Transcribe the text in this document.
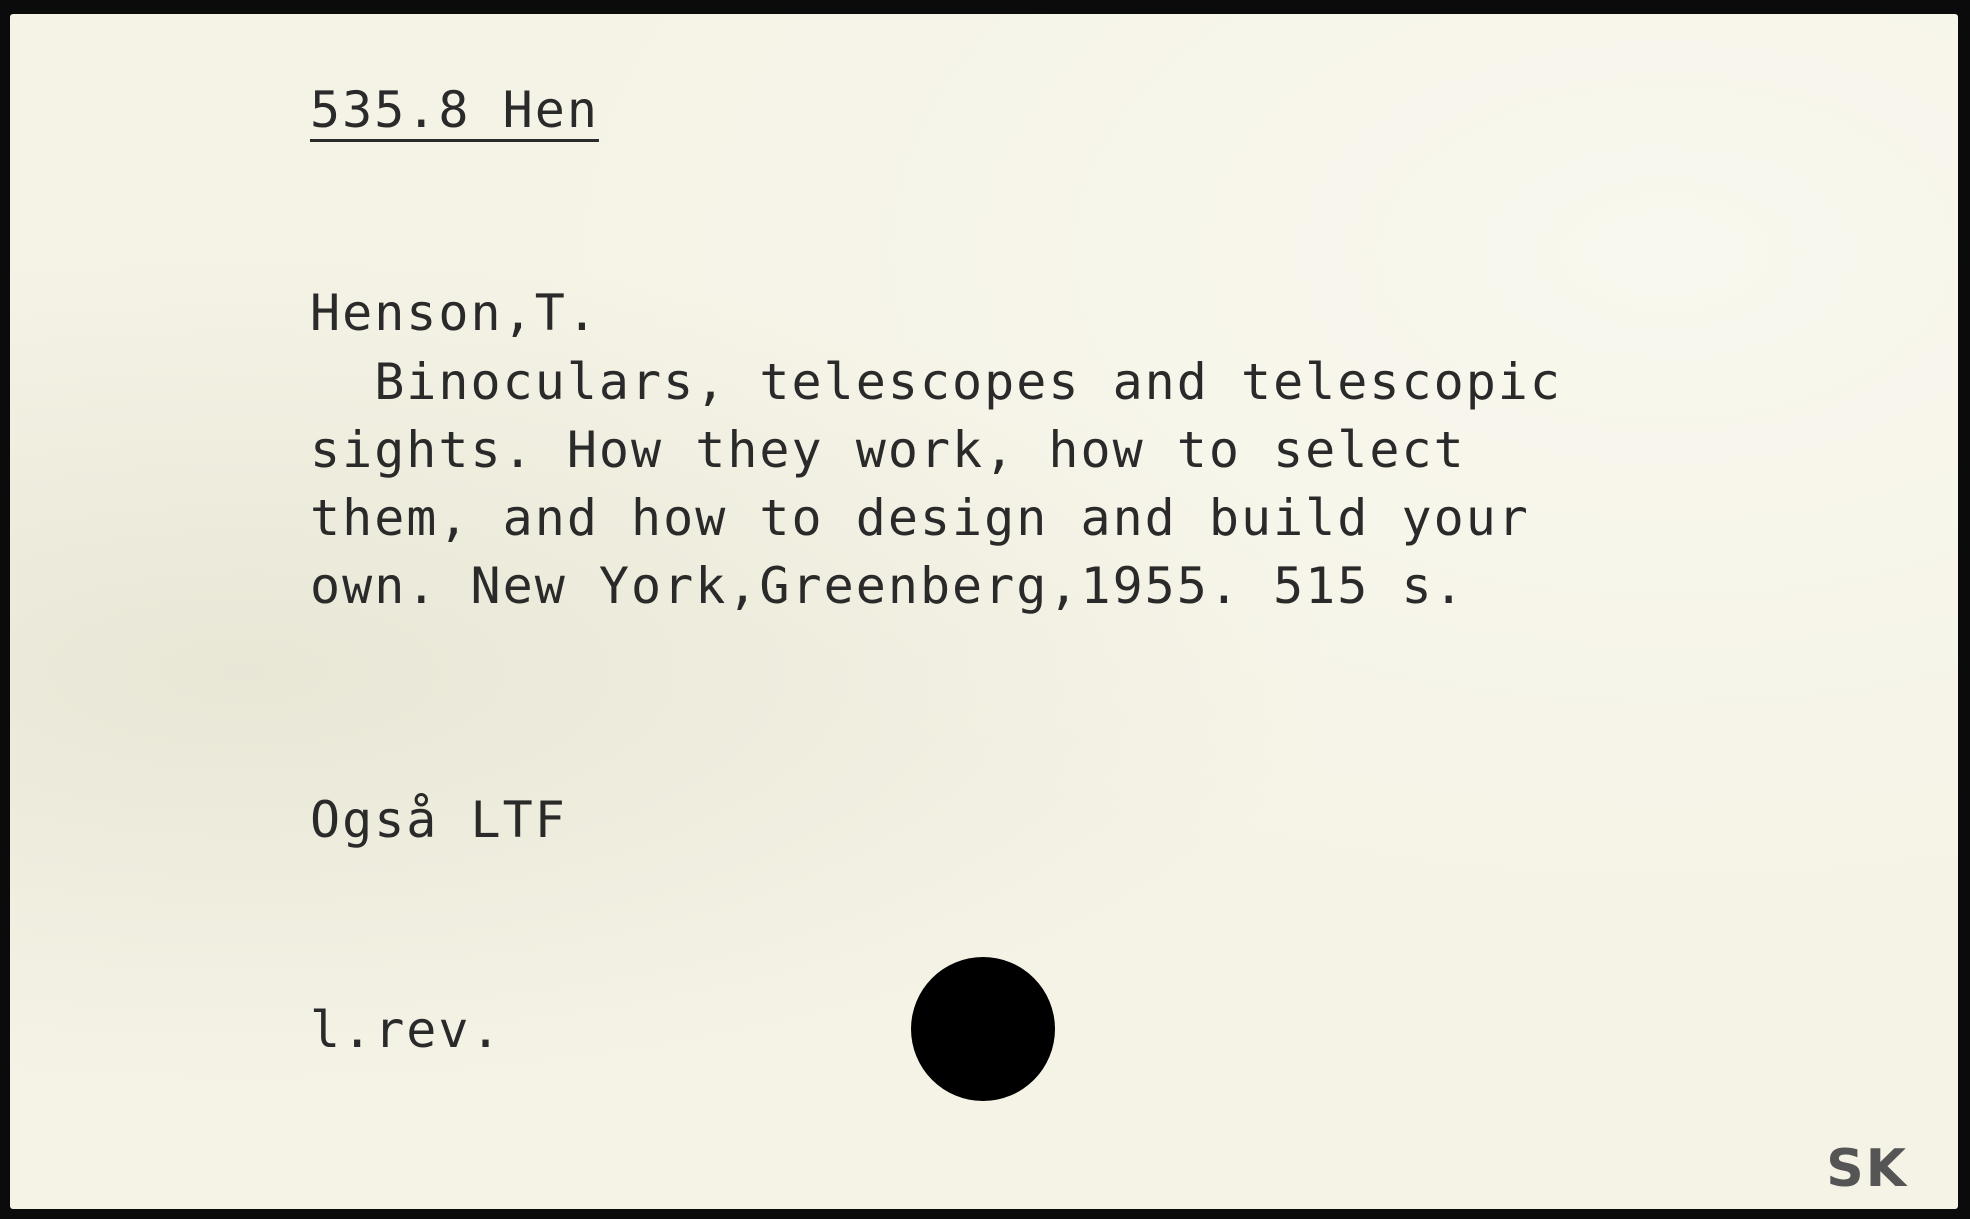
535.8 Hen
Henson,T.
Binoculars, telescopes and telescopic
sights. How they work, how to select
them, and how to design and build your
own. New York,Greenberg,1955. 515 s.
Også LTF
l.rev.
SK
